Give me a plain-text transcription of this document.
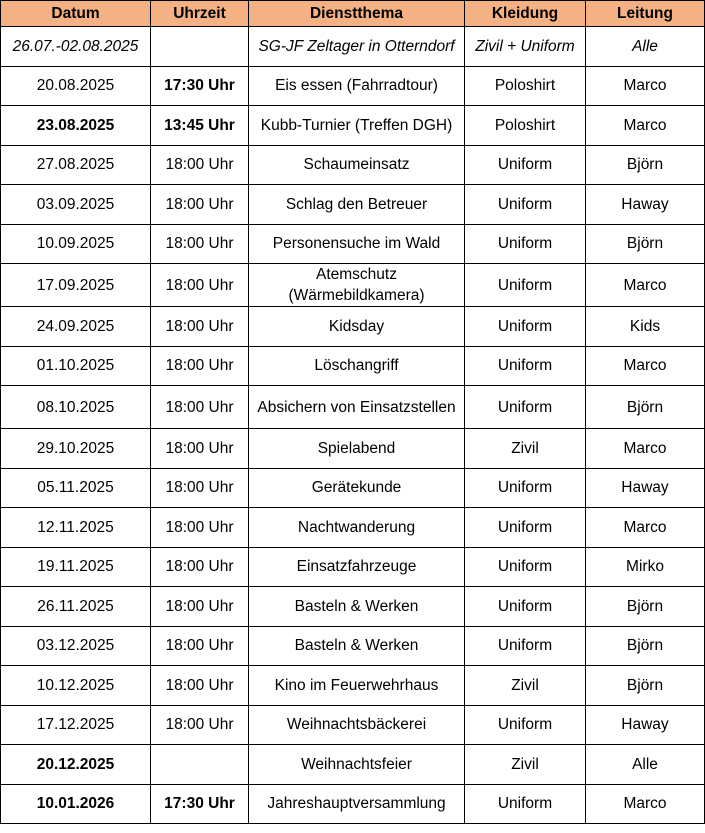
Datum	Uhrzeit	Dienstthema	Kleidung	Leitung
26.07.-02.08.2025		SG-JF Zeltager in Otterndorf	Zivil + Uniform	Alle
20.08.2025	17:30 Uhr	Eis essen (Fahrradtour)	Poloshirt	Marco
23.08.2025	13:45 Uhr	Kubb-Turnier (Treffen DGH)	Poloshirt	Marco
27.08.2025	18:00 Uhr	Schaumeinsatz	Uniform	Björn
03.09.2025	18:00 Uhr	Schlag den Betreuer	Uniform	Haway
10.09.2025	18:00 Uhr	Personensuche im Wald	Uniform	Björn
17.09.2025	18:00 Uhr	Atemschutz (Wärmebildkamera)	Uniform	Marco
24.09.2025	18:00 Uhr	Kidsday	Uniform	Kids
01.10.2025	18:00 Uhr	Löschangriff	Uniform	Marco
08.10.2025	18:00 Uhr	Absichern von Einsatzstellen	Uniform	Björn
29.10.2025	18:00 Uhr	Spielabend	Zivil	Marco
05.11.2025	18:00 Uhr	Gerätekunde	Uniform	Haway
12.11.2025	18:00 Uhr	Nachtwanderung	Uniform	Marco
19.11.2025	18:00 Uhr	Einsatzfahrzeuge	Uniform	Mirko
26.11.2025	18:00 Uhr	Basteln & Werken	Uniform	Björn
03.12.2025	18:00 Uhr	Basteln & Werken	Uniform	Björn
10.12.2025	18:00 Uhr	Kino im Feuerwehrhaus	Zivil	Björn
17.12.2025	18:00 Uhr	Weihnachtsbäckerei	Uniform	Haway
20.12.2025		Weihnachtsfeier	Zivil	Alle
10.01.2026	17:30 Uhr	Jahreshauptversammlung	Uniform	Marco
